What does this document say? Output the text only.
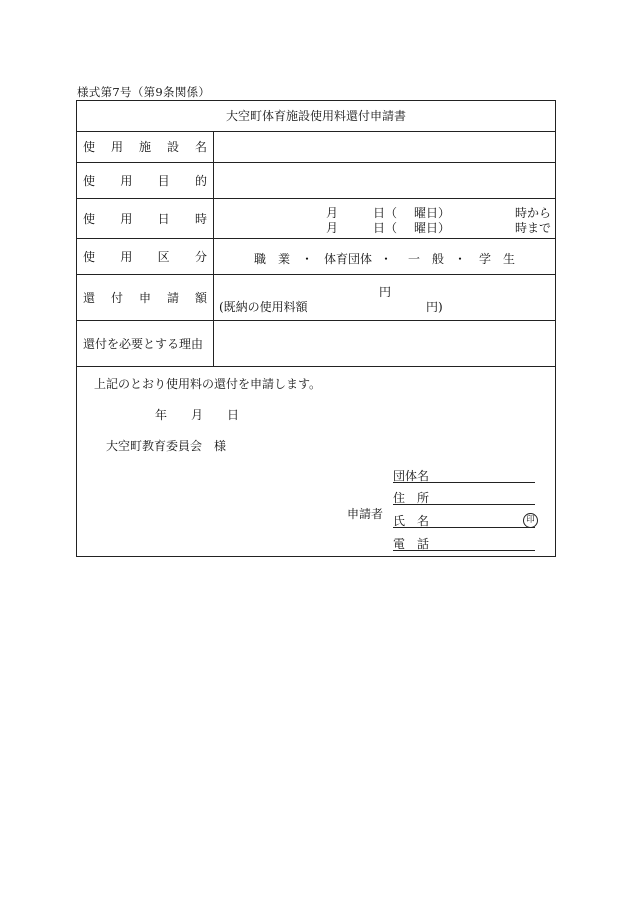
様式第7号（第9条関係）
大空町体育施設使用料還付申請書
使 用 施 設 名
使 用 目 的
使 用 日 時	月	日（ 曜日）	時から
月	日（ 曜日）	時まで
使 用 区 分	職　業 ・ 体育団体 ・ 一　般 ・ 学　生
還 付 申 請 額	円
(既納の使用料額	円)
還付を必要とする理由
上記のとおり使用料の還付を申請します。
年 月 日
大空町教育委員会　様
申請者
団体名
住　所
氏　名	印
電　話
